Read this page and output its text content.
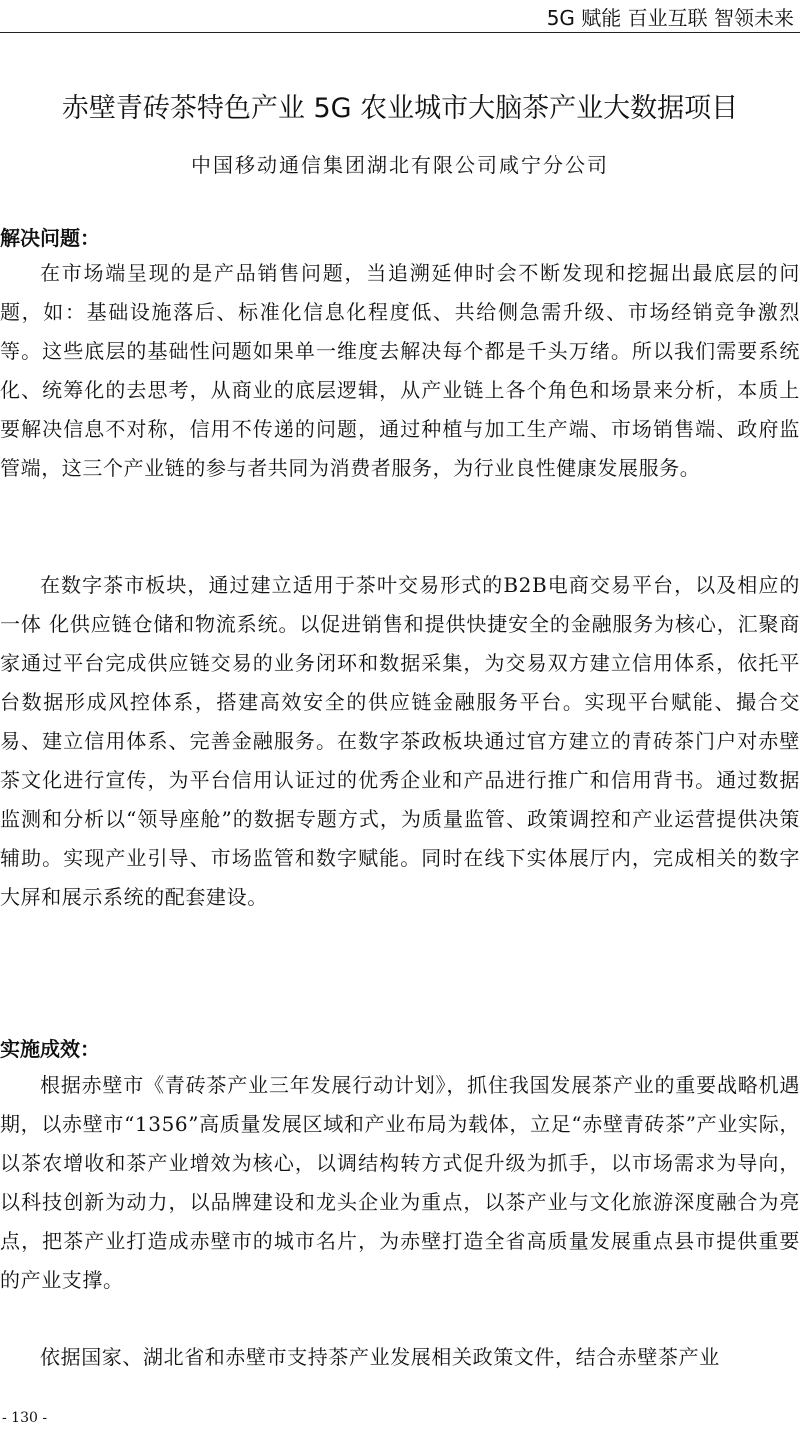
5G 赋能 百业互联 智领未来
赤壁青砖茶特色产业 5G 农业城市大脑茶产业大数据项目
中国移动通信集团湖北有限公司咸宁分公司
解决问题：

在市场端呈现的是产品销售问题，当追溯延伸时会不断发现和挖掘出最底层的问题，如：基础设施落后、标准化信息化程度低、共给侧急需升级、市场经销竞争激烈等。这些底层的基础性问题如果单一维度去解决每个都是千头万绪。所以我们需要系统化、统筹化的去思考，从商业的底层逻辑，从产业链上各个角色和场景来分析，本质上要解决信息不对称，信用不传递的问题，通过种植与加工生产端、市场销售端、政府监管端，这三个产业链的参与者共同为消费者服务，为行业良性健康发展服务。

在数字茶市板块，通过建立适用于茶叶交易形式的B2B电商交易平台，以及相应的一体 化供应链仓储和物流系统。以促进销售和提供快捷安全的金融服务为核心，汇聚商家通过平台完成供应链交易的业务闭环和数据采集，为交易双方建立信用体系，依托平台数据形成风控体系，搭建高效安全的供应链金融服务平台。实现平台赋能、撮合交易、建立信用体系、完善金融服务。在数字茶政板块通过官方建立的青砖茶门户对赤壁茶文化进行宣传，为平台信用认证过的优秀企业和产品进行推广和信用背书。通过数据监测和分析以“领导座舱”的数据专题方式，为质量监管、政策调控和产业运营提供决策辅助。实现产业引导、市场监管和数字赋能。同时在线下实体展厅内，完成相关的数字大屏和展示系统的配套建设。

实施成效：

根据赤壁市《青砖茶产业三年发展行动计划》，抓住我国发展茶产业的重要战略机遇期，以赤壁市“1356”高质量发展区域和产业布局为载体，立足“赤壁青砖茶”产业实际，以茶农增收和茶产业增效为核心，以调结构转方式促升级为抓手，以市场需求为导向，以科技创新为动力，以品牌建设和龙头企业为重点，以茶产业与文化旅游深度融合为亮点，把茶产业打造成赤壁市的城市名片，为赤壁打造全省高质量发展重点县市提供重要的产业支撑。

依据国家、湖北省和赤壁市支持茶产业发展相关政策文件，结合赤壁茶产业

- 130 -
